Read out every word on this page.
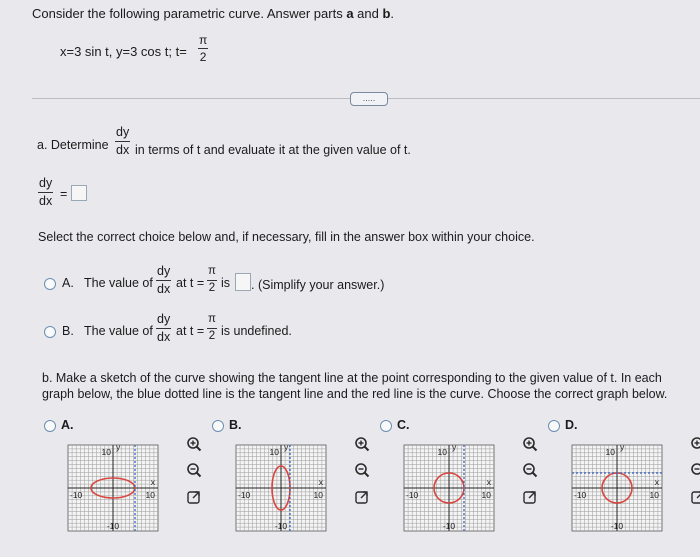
Consider the following parametric curve. Answer parts a and b.
x=3 sin t, y=3 cos t; t=
π
2
.....
a. Determine
dy
dx in terms of t and evaluate it at the given value of t.
dy
dx =
Select the correct choice below and, if necessary, fill in the answer box within your choice.
A. The value of
dy
dx at t =
π
2 is . (Simplify your answer.)
B. The value of
dy
dx at t =
π
2 is undefined.
b. Make a sketch of the curve showing the tangent line at the point corresponding to the given value of t. In each
graph below, the blue dotted line is the tangent line and the red line is the curve. Choose the correct graph below.
A.
10 y
-10	10
x
-10
B.
10 y
-10	10
x
-10
C.
10 y
-10	10
x
-10
D.
10 y
-10	10
x
-10
